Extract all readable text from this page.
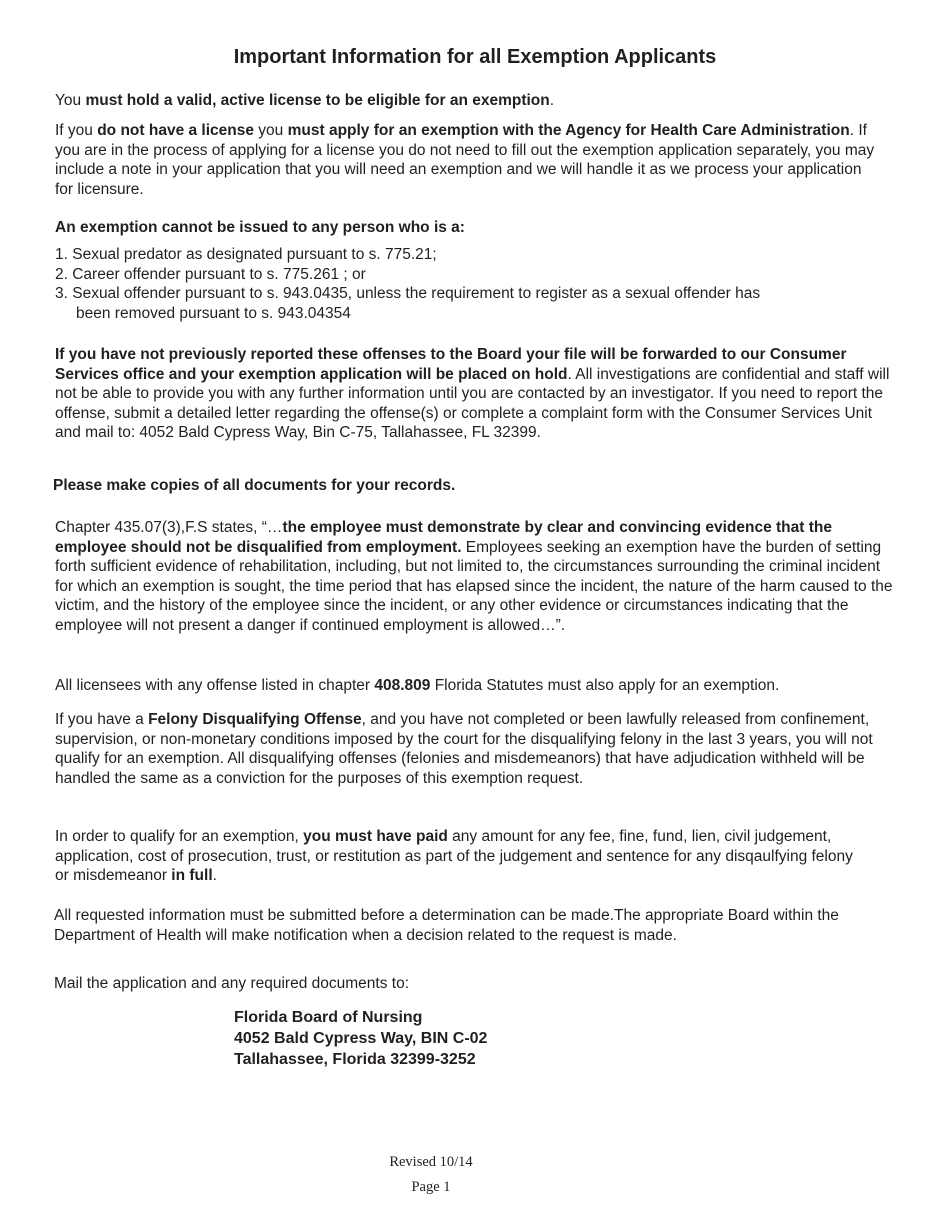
Important Information for all Exemption Applicants

You must hold a valid, active license to be eligible for an exemption.

If you do not have a license you must apply for an exemption with the Agency for Health Care Administration. If you are in the process of applying for a license you do not need to fill out the exemption application separately, you may include a note in your application that you will need an exemption and we will handle it as we process your application for licensure.

An exemption cannot be issued to any person who is a:

1. Sexual predator as designated pursuant to s. 775.21;
2. Career offender pursuant to s. 775.261 ; or
3. Sexual offender pursuant to s. 943.0435, unless the requirement to register as a sexual offender has
been removed pursuant to s. 943.04354

If you have not previously reported these offenses to the Board your file will be forwarded to our Consumer Services office and your exemption application will be placed on hold. All investigations are confidential and staff will not be able to provide you with any further information until you are contacted by an investigator. If you need to report the offense, submit a detailed letter regarding the offense(s) or complete a complaint form with the Consumer Services Unit and mail to: 4052 Bald Cypress Way, Bin C-75, Tallahassee, FL 32399.

Please make copies of all documents for your records.

Chapter 435.07(3),F.S states, “…the employee must demonstrate by clear and convincing evidence that the employee should not be disqualified from employment. Employees seeking an exemption have the burden of setting forth sufficient evidence of rehabilitation, including, but not limited to, the circumstances surrounding the criminal incident for which an exemption is sought, the time period that has elapsed since the incident, the nature of the harm caused to the victim, and the history of the employee since the incident, or any other evidence or circumstances indicating that the employee will not present a danger if continued employment is allowed…”.

All licensees with any offense listed in chapter 408.809 Florida Statutes must also apply for an exemption.

If you have a Felony Disqualifying Offense, and you have not completed or been lawfully released from confinement, supervision, or non-monetary conditions imposed by the court for the disqualifying felony in the last 3 years, you will not qualify for an exemption. All disqualifying offenses (felonies and misdemeanors) that have adjudication withheld will be handled the same as a conviction for the purposes of this exemption request.

In order to qualify for an exemption, you must have paid any amount for any fee, fine, fund, lien, civil judgement, application, cost of prosecution, trust, or restitution as part of the judgement and sentence for any disqaulfying felony or misdemeanor in full.

All requested information must be submitted before a determination can be made.The appropriate Board within the Department of Health will make notification when a decision related to the request is made.

Mail the application and any required documents to:

Florida Board of Nursing
4052 Bald Cypress Way, BIN C-02
Tallahassee, Florida 32399-3252

Revised 10/14

Page 1
